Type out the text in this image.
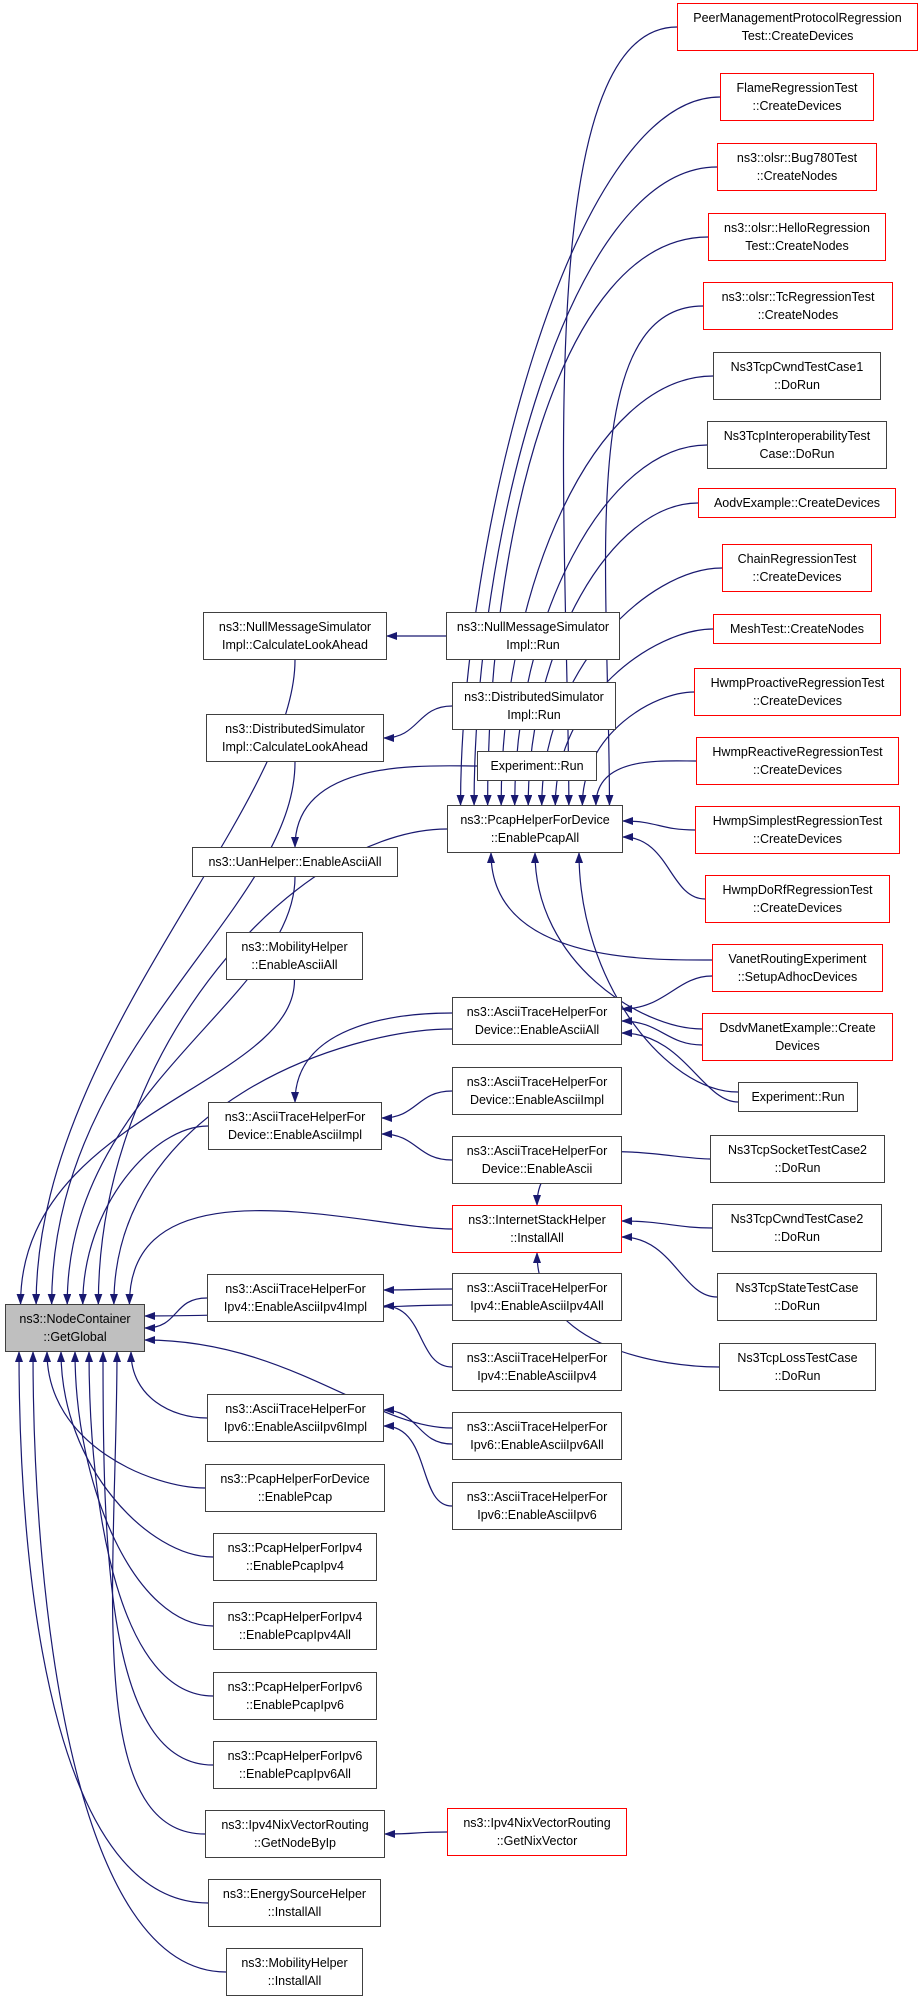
ns3::NodeContainer
::GetGlobal
ns3::NullMessageSimulator
Impl::CalculateLookAhead
ns3::DistributedSimulator
Impl::CalculateLookAhead
ns3::UanHelper::EnableAsciiAll
ns3::MobilityHelper
::EnableAsciiAll
ns3::AsciiTraceHelperFor
Device::EnableAsciiImpl
ns3::AsciiTraceHelperFor
Ipv4::EnableAsciiIpv4Impl
ns3::AsciiTraceHelperFor
Ipv6::EnableAsciiIpv6Impl
ns3::PcapHelperForDevice
::EnablePcap
ns3::PcapHelperForIpv4
::EnablePcapIpv4
ns3::PcapHelperForIpv4
::EnablePcapIpv4All
ns3::PcapHelperForIpv6
::EnablePcapIpv6
ns3::PcapHelperForIpv6
::EnablePcapIpv6All
ns3::Ipv4NixVectorRouting
::GetNodeByIp
ns3::EnergySourceHelper
::InstallAll
ns3::MobilityHelper
::InstallAll
ns3::NullMessageSimulator
Impl::Run
ns3::DistributedSimulator
Impl::Run
Experiment::Run
ns3::PcapHelperForDevice
::EnablePcapAll
ns3::AsciiTraceHelperFor
Device::EnableAsciiAll
ns3::AsciiTraceHelperFor
Device::EnableAsciiImpl
ns3::AsciiTraceHelperFor
Device::EnableAscii
ns3::InternetStackHelper
::InstallAll
ns3::AsciiTraceHelperFor
Ipv4::EnableAsciiIpv4All
ns3::AsciiTraceHelperFor
Ipv4::EnableAsciiIpv4
ns3::AsciiTraceHelperFor
Ipv6::EnableAsciiIpv6All
ns3::AsciiTraceHelperFor
Ipv6::EnableAsciiIpv6
ns3::Ipv4NixVectorRouting
::GetNixVector
PeerManagementProtocolRegression
Test::CreateDevices
FlameRegressionTest
::CreateDevices
ns3::olsr::Bug780Test
::CreateNodes
ns3::olsr::HelloRegression
Test::CreateNodes
ns3::olsr::TcRegressionTest
::CreateNodes
Ns3TcpCwndTestCase1
::DoRun
Ns3TcpInteroperabilityTest
Case::DoRun
AodvExample::CreateDevices
ChainRegressionTest
::CreateDevices
MeshTest::CreateNodes
HwmpProactiveRegressionTest
::CreateDevices
HwmpReactiveRegressionTest
::CreateDevices
HwmpSimplestRegressionTest
::CreateDevices
HwmpDoRfRegressionTest
::CreateDevices
VanetRoutingExperiment
::SetupAdhocDevices
DsdvManetExample::Create
Devices
Experiment::Run
Ns3TcpSocketTestCase2
::DoRun
Ns3TcpCwndTestCase2
::DoRun
Ns3TcpStateTestCase
::DoRun
Ns3TcpLossTestCase
::DoRun
